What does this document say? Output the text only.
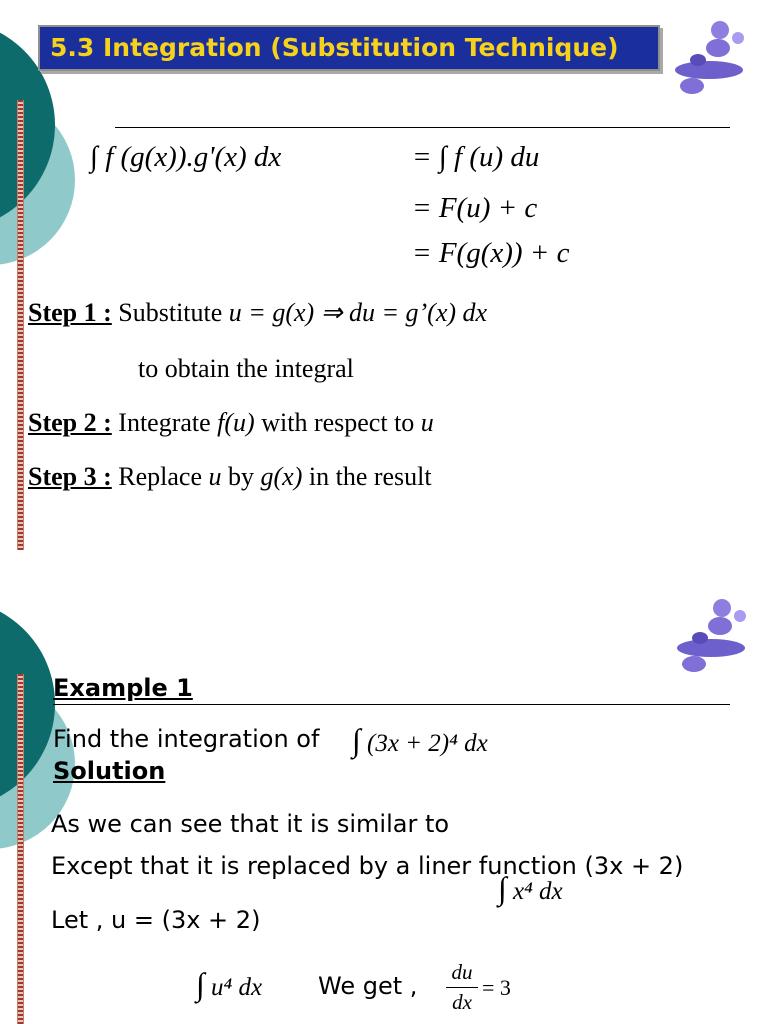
5.3 Integration (Substitution Technique)
∫ f (g(x)).g'(x) dx	= ∫ f (u) du
= F(u) + c
= F(g(x)) + c
Step 1 : Substitute u = g(x) ⇒ du = g’(x) dx
to obtain the integral
Step 2 : Integrate f(u) with respect to u
Step 3 : Replace u by g(x) in the result
Example 1
Find the integration of ∫ (3x + 2)⁴ dx
Solution
As we can see that it is similar to
Except that it is replaced by a liner function (3x + 2)
∫ x⁴ dx
Let , u = (3x + 2)
∫ u⁴ dx We get , du
dx
= 3
